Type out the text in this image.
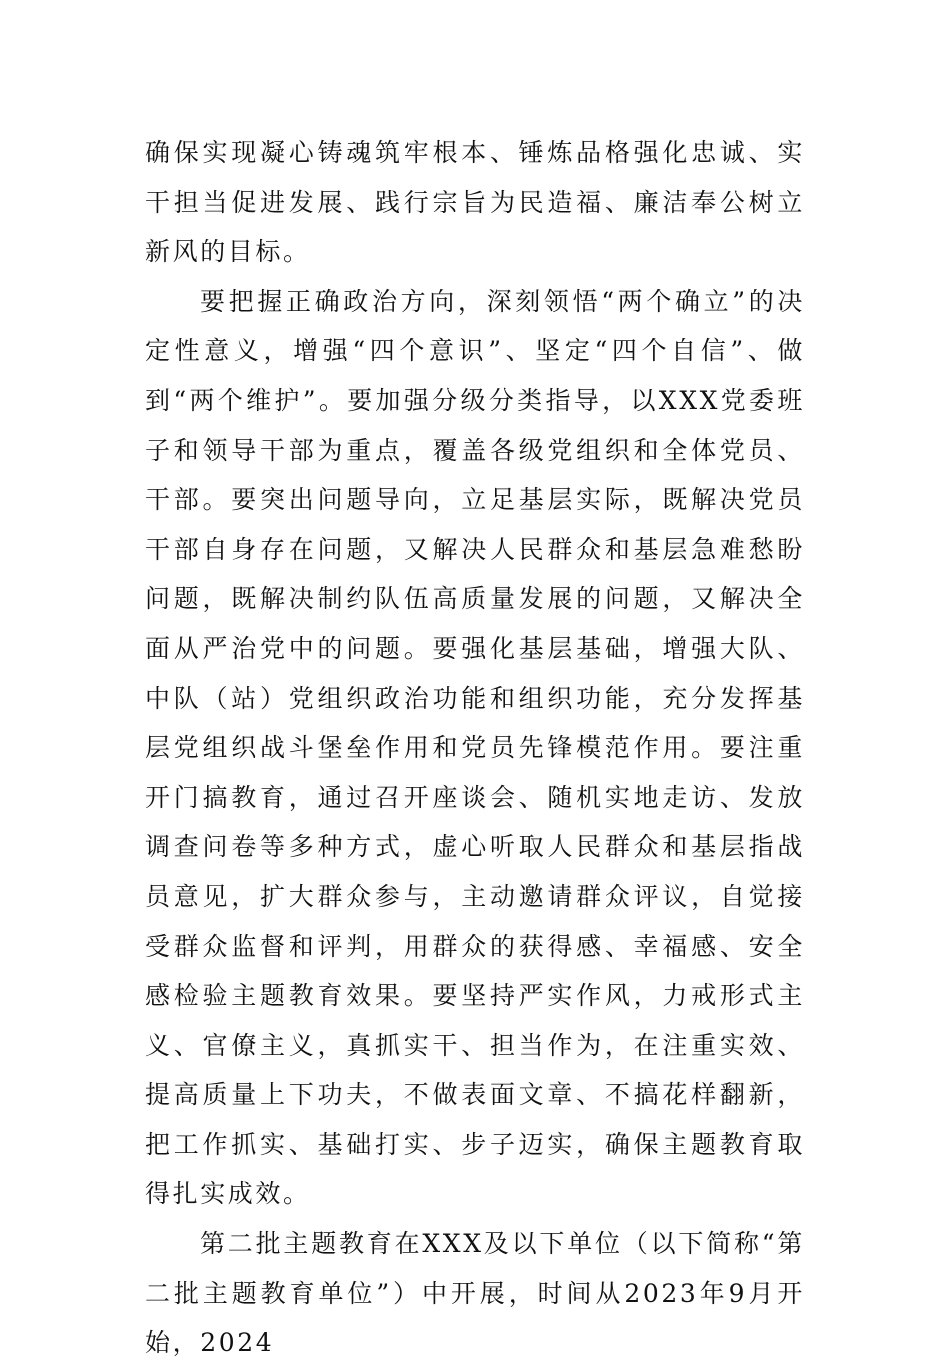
确保实现凝心铸魂筑牢根本、锤炼品格强化忠诚、实干担当促进发展、践行宗旨为民造福、廉洁奉公树立新风的目标。

要把握正确政治方向，深刻领悟“两个确立”的决定性意义，增强“四个意识”、坚定“四个自信”、做到“两个维护”。要加强分级分类指导，以XXX党委班子和领导干部为重点，覆盖各级党组织和全体党员、干部。要突出问题导向，立足基层实际，既解决党员干部自身存在问题，又解决人民群众和基层急难愁盼问题，既解决制约队伍高质量发展的问题，又解决全面从严治党中的问题。要强化基层基础，增强大队、中队（站）党组织政治功能和组织功能，充分发挥基层党组织战斗堡垒作用和党员先锋模范作用。要注重开门搞教育，通过召开座谈会、随机实地走访、发放调查问卷等多种方式，虚心听取人民群众和基层指战员意见，扩大群众参与，主动邀请群众评议，自觉接受群众监督和评判，用群众的获得感、幸福感、安全感检验主题教育效果。要坚持严实作风，力戒形式主义、官僚主义，真抓实干、担当作为，在注重实效、提高质量上下功夫，不做表面文章、不搞花样翻新，把工作抓实、基础打实、步子迈实，确保主题教育取得扎实成效。

第二批主题教育在XXX及以下单位（以下简称“第二批主题教育单位”）中开展，时间从2023年9月开始，2024
